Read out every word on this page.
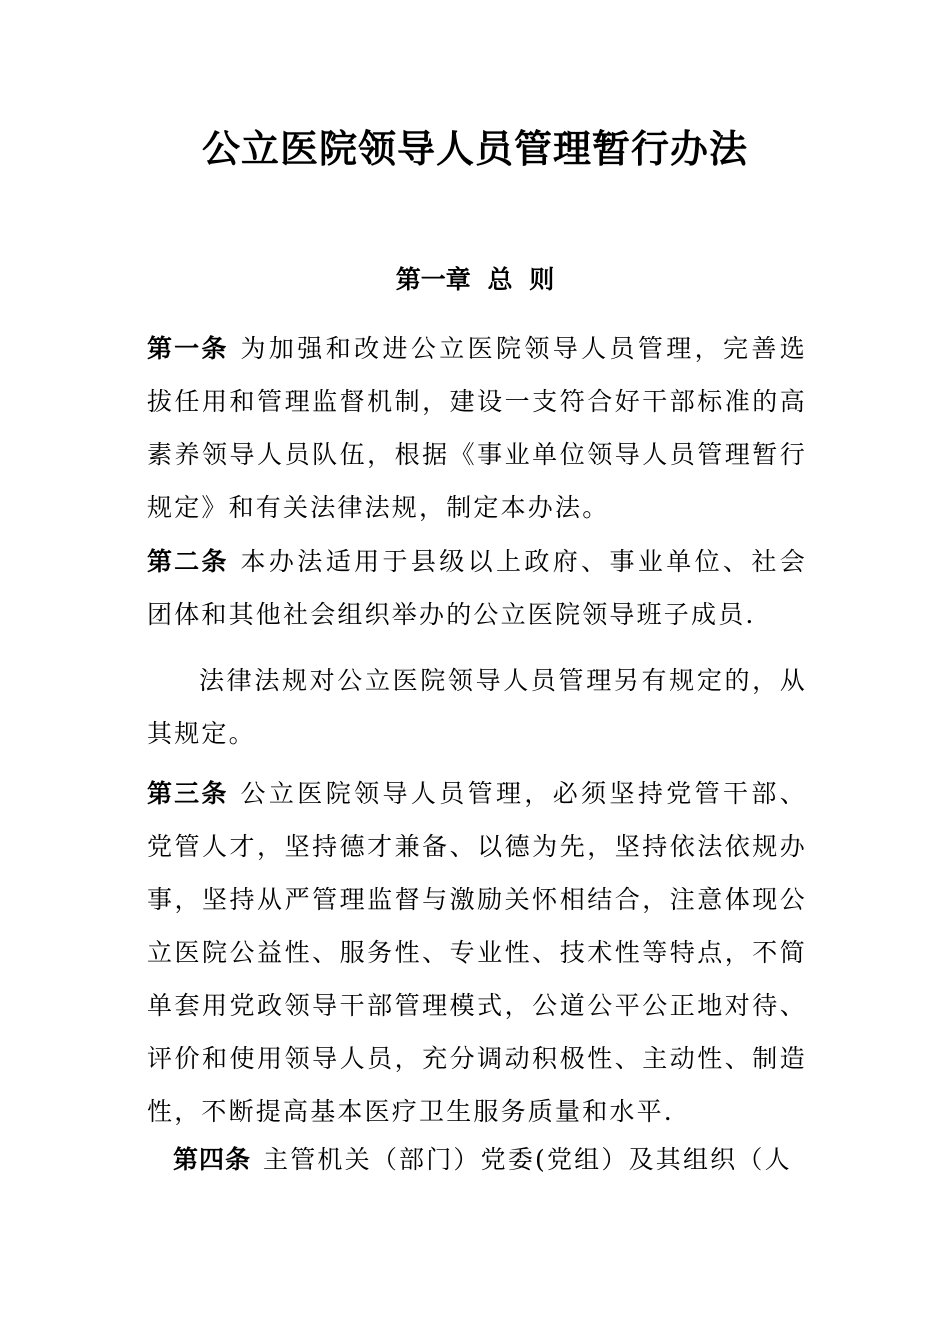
公立医院领导人员管理暂行办法
第一章 总 则

第一条 为加强和改进公立医院领导人员管理，完善选拔任用和管理监督机制，建设一支符合好干部标准的高素养领导人员队伍，根据《事业单位领导人员管理暂行规定》和有关法律法规，制定本办法。

第二条 本办法适用于县级以上政府、事业单位、社会团体和其他社会组织举办的公立医院领导班子成员.

法律法规对公立医院领导人员管理另有规定的，从其规定。

第三条 公立医院领导人员管理，必须坚持党管干部、党管人才，坚持德才兼备、以德为先，坚持依法依规办事，坚持从严管理监督与激励关怀相结合，注意体现公立医院公益性、服务性、专业性、技术性等特点，不简单套用党政领导干部管理模式，公道公平公正地对待、评价和使用领导人员，充分调动积极性、主动性、制造性，不断提高基本医疗卫生服务质量和水平.

第四条 主管机关（部门）党委(党组）及其组织（人
